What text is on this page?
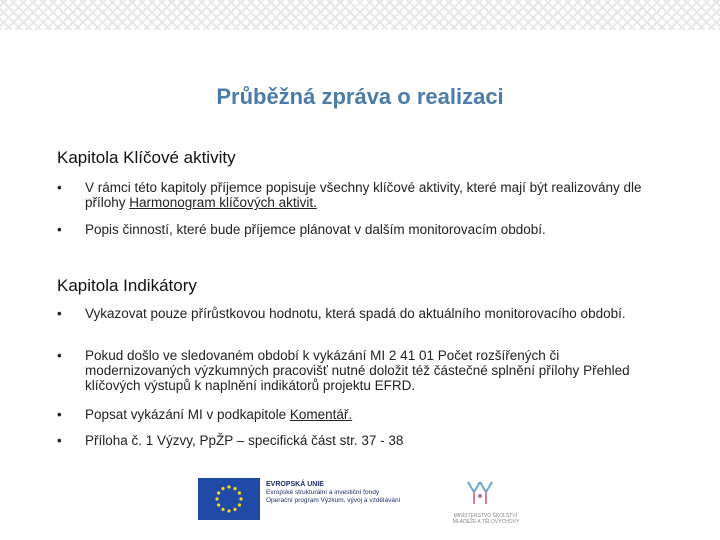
Průběžná zpráva o realizaci
Kapitola Klíčové aktivity
•	V rámci této kapitoly příjemce popisuje všechny klíčové aktivity, které mají být realizovány dle přílohy Harmonogram klíčových aktivit.
•	Popis činností, které bude příjemce plánovat v dalším monitorovacím období.
Kapitola Indikátory
•	Vykazovat pouze přírůstkovou hodnotu, která spadá do aktuálního monitorovacího období.
•	Pokud došlo ve sledovaném období k vykázání MI 2 41 01 Počet rozšířených či modernizovaných výzkumných pracovišť nutné doložit též částečné splnění přílohy Přehled klíčových výstupů k naplnění indikátorů projektu EFRD.
•	Popsat vykázání MI v podkapitole Komentář.
•	Příloha č. 1 Výzvy, PpŽP – specifická část str. 37 - 38
EVROPSKÁ UNIE
Evropské strukturální a investiční fondy
Operační program Výzkum, vývoj a vzdělávání
MINISTERSTVO ŠKOLSTVÍ,
MLÁDEŽE A TĚLOVÝCHOVY
